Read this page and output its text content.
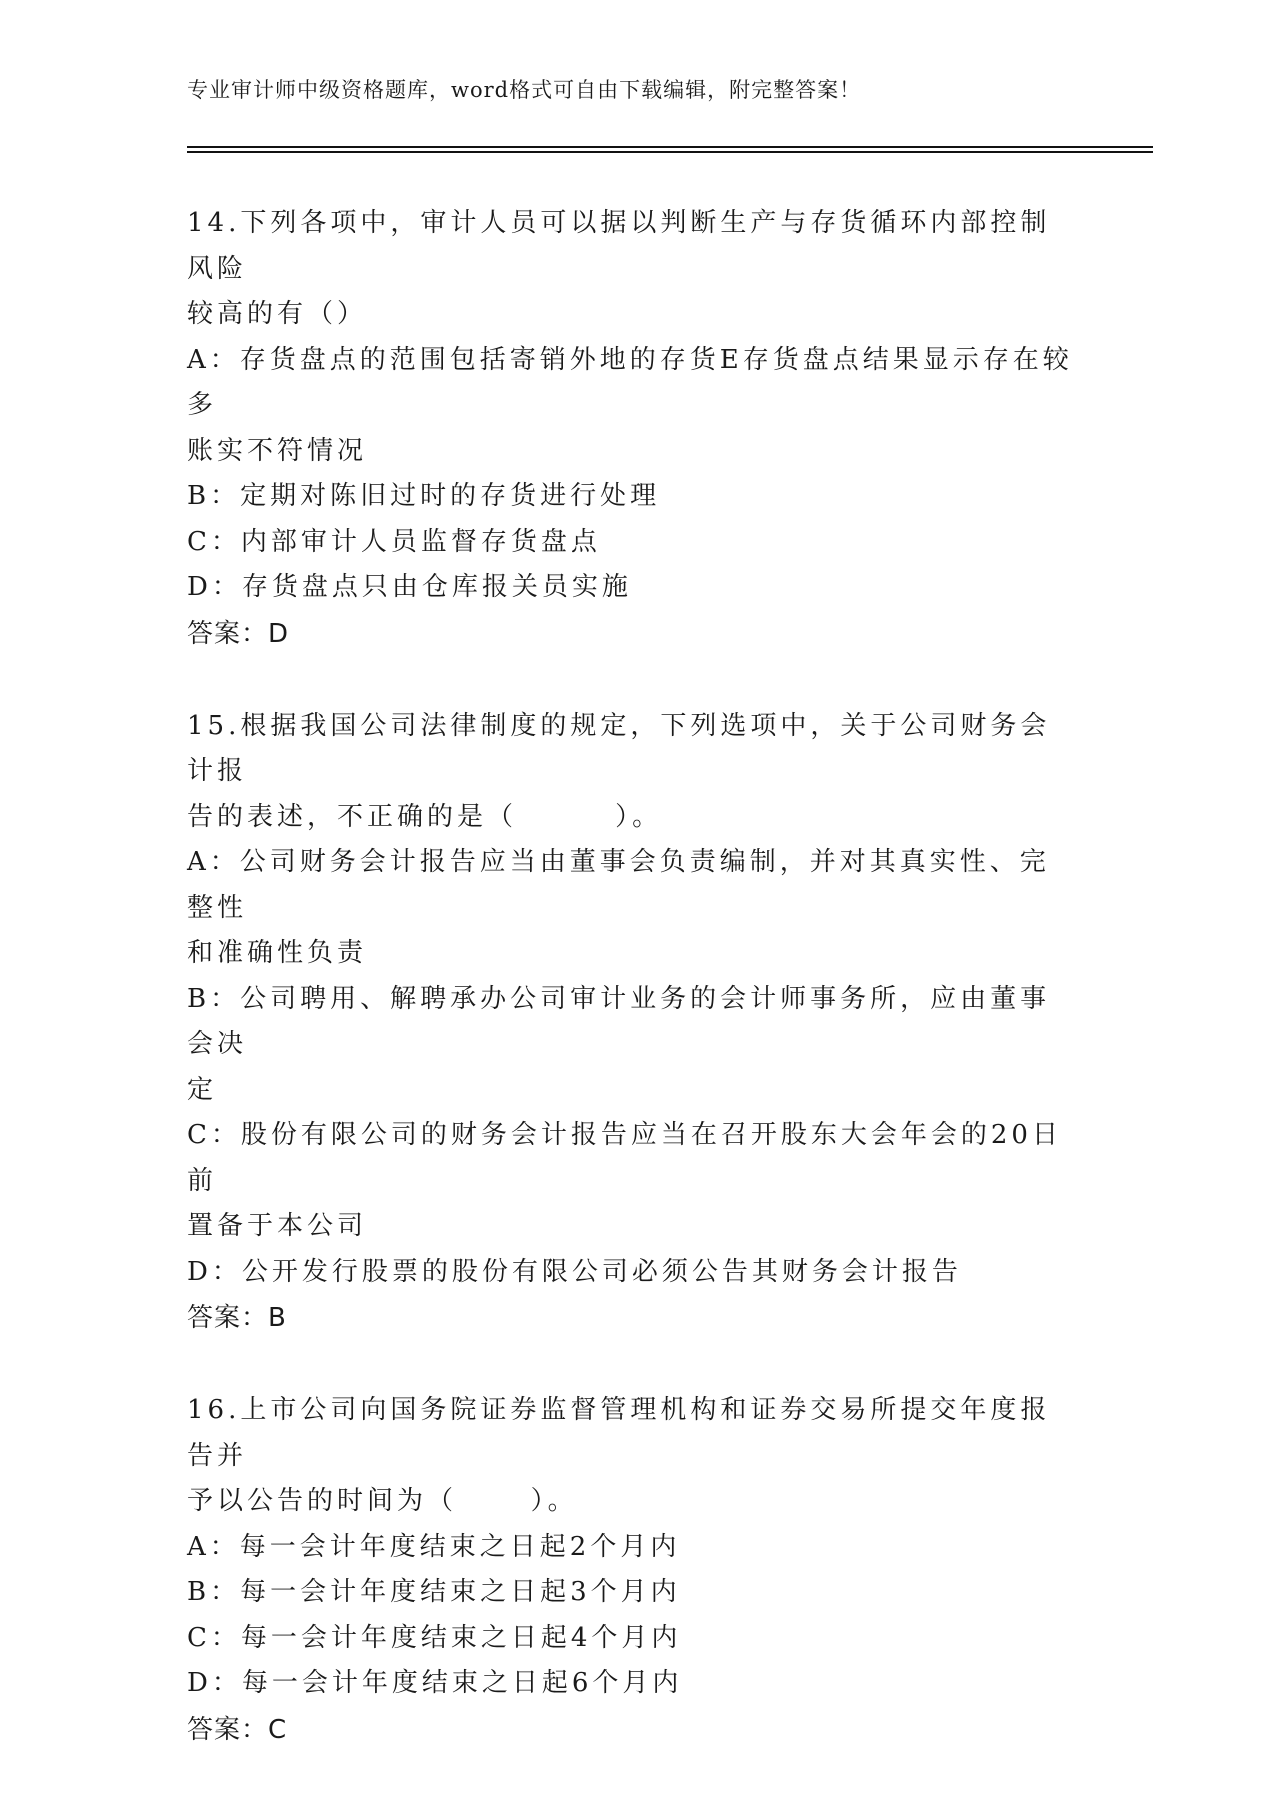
专业审计师中级资格题库，word格式可自由下载编辑，附完整答案！
14.下列各项中，审计人员可以据以判断生产与存货循环内部控制风险
较高的有（）
A：存货盘点的范围包括寄销外地的存货E存货盘点结果显示存在较多
账实不符情况
B：定期对陈旧过时的存货进行处理
C：内部审计人员监督存货盘点
D：存货盘点只由仓库报关员实施
答案：D
15.根据我国公司法律制度的规定，下列选项中，关于公司财务会计报
告的表述，不正确的是（        ）。
A：公司财务会计报告应当由董事会负责编制，并对其真实性、完整性
和准确性负责
B：公司聘用、解聘承办公司审计业务的会计师事务所，应由董事会决
定
C：股份有限公司的财务会计报告应当在召开股东大会年会的20日前
置备于本公司
D：公开发行股票的股份有限公司必须公告其财务会计报告
答案：B
16.上市公司向国务院证券监督管理机构和证券交易所提交年度报告并
予以公告的时间为（      ）。
A：每一会计年度结束之日起2个月内
B：每一会计年度结束之日起3个月内
C：每一会计年度结束之日起4个月内
D：每一会计年度结束之日起6个月内
答案：C
